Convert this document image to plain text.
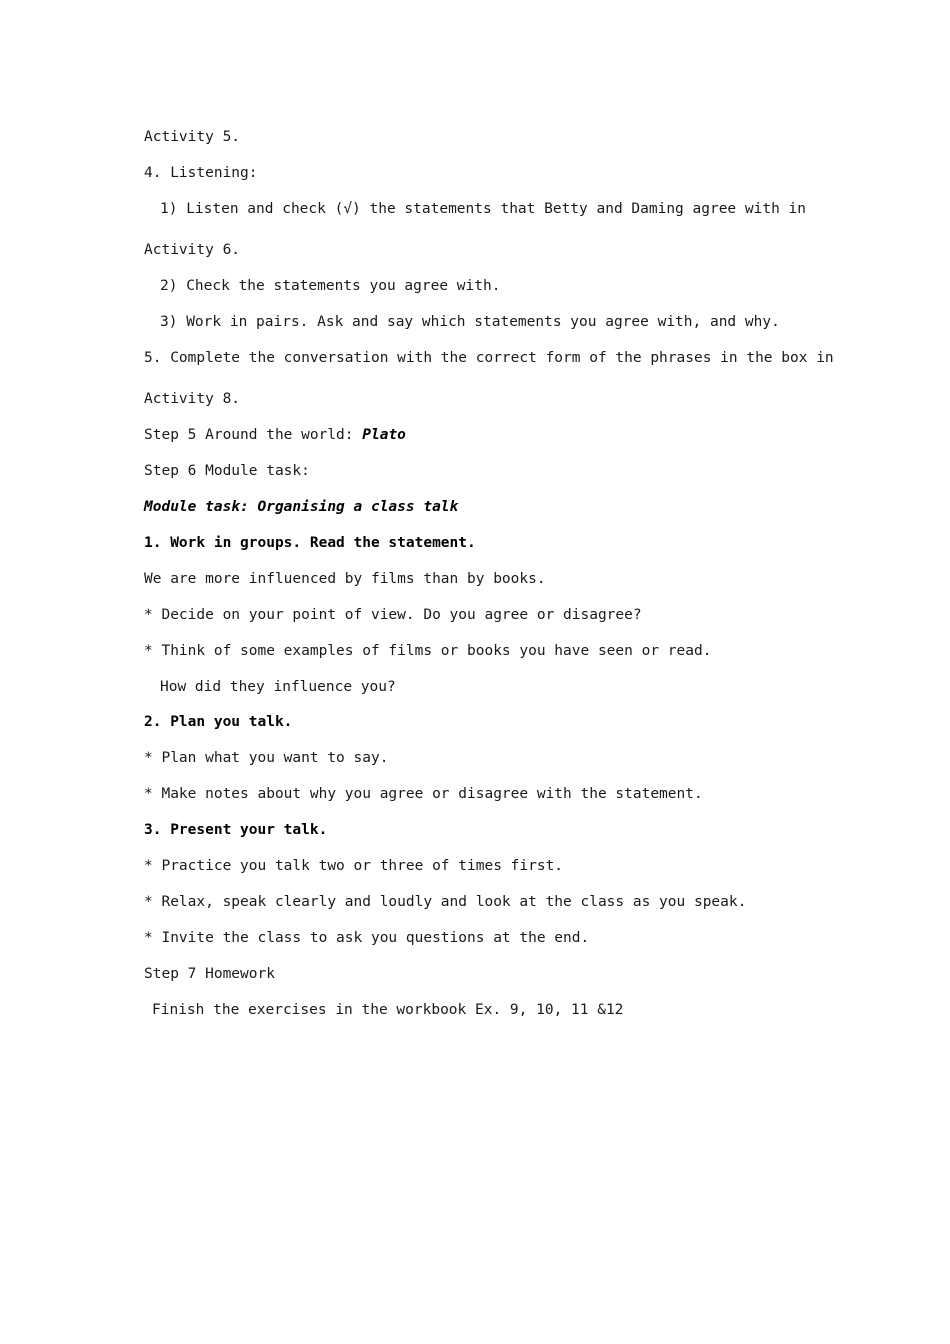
Activity 5.
4. Listening:
1) Listen and check (√) the statements that Betty and Daming agree with in
Activity 6.
2) Check the statements you agree with.
3) Work in pairs. Ask and say which statements you agree with, and why.
5. Complete the conversation with the correct form of the phrases in the box in
Activity 8.
Step 5 Around the world: Plato
Step 6 Module task:
Module task: Organising a class talk
1. Work in groups. Read the statement.
We are more influenced by films than by books.
* Decide on your point of view. Do you agree or disagree?
* Think of some examples of films or books you have seen or read.
How did they influence you?
2. Plan you talk.
* Plan what you want to say.
* Make notes about why you agree or disagree with the statement.
3. Present your talk.
* Practice you talk two or three of times first.
* Relax, speak clearly and loudly and look at the class as you speak.
* Invite the class to ask you questions at the end.
Step 7 Homework
Finish the exercises in the workbook Ex. 9, 10, 11 &12
